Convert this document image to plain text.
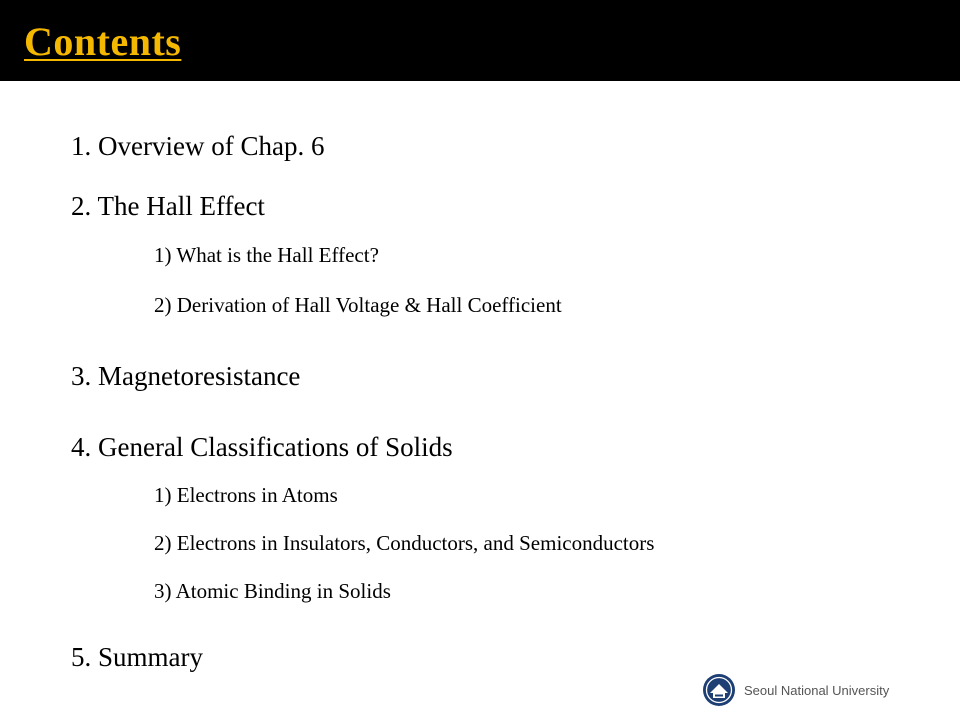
Contents

1. Overview of Chap. 6

2. The Hall Effect

1) What is the Hall Effect?

2) Derivation of Hall Voltage & Hall Coefficient

3. Magnetoresistance

4. General Classifications of Solids

1) Electrons in Atoms

2) Electrons in Insulators, Conductors, and Semiconductors

3) Atomic Binding in Solids

5. Summary

Seoul National University
